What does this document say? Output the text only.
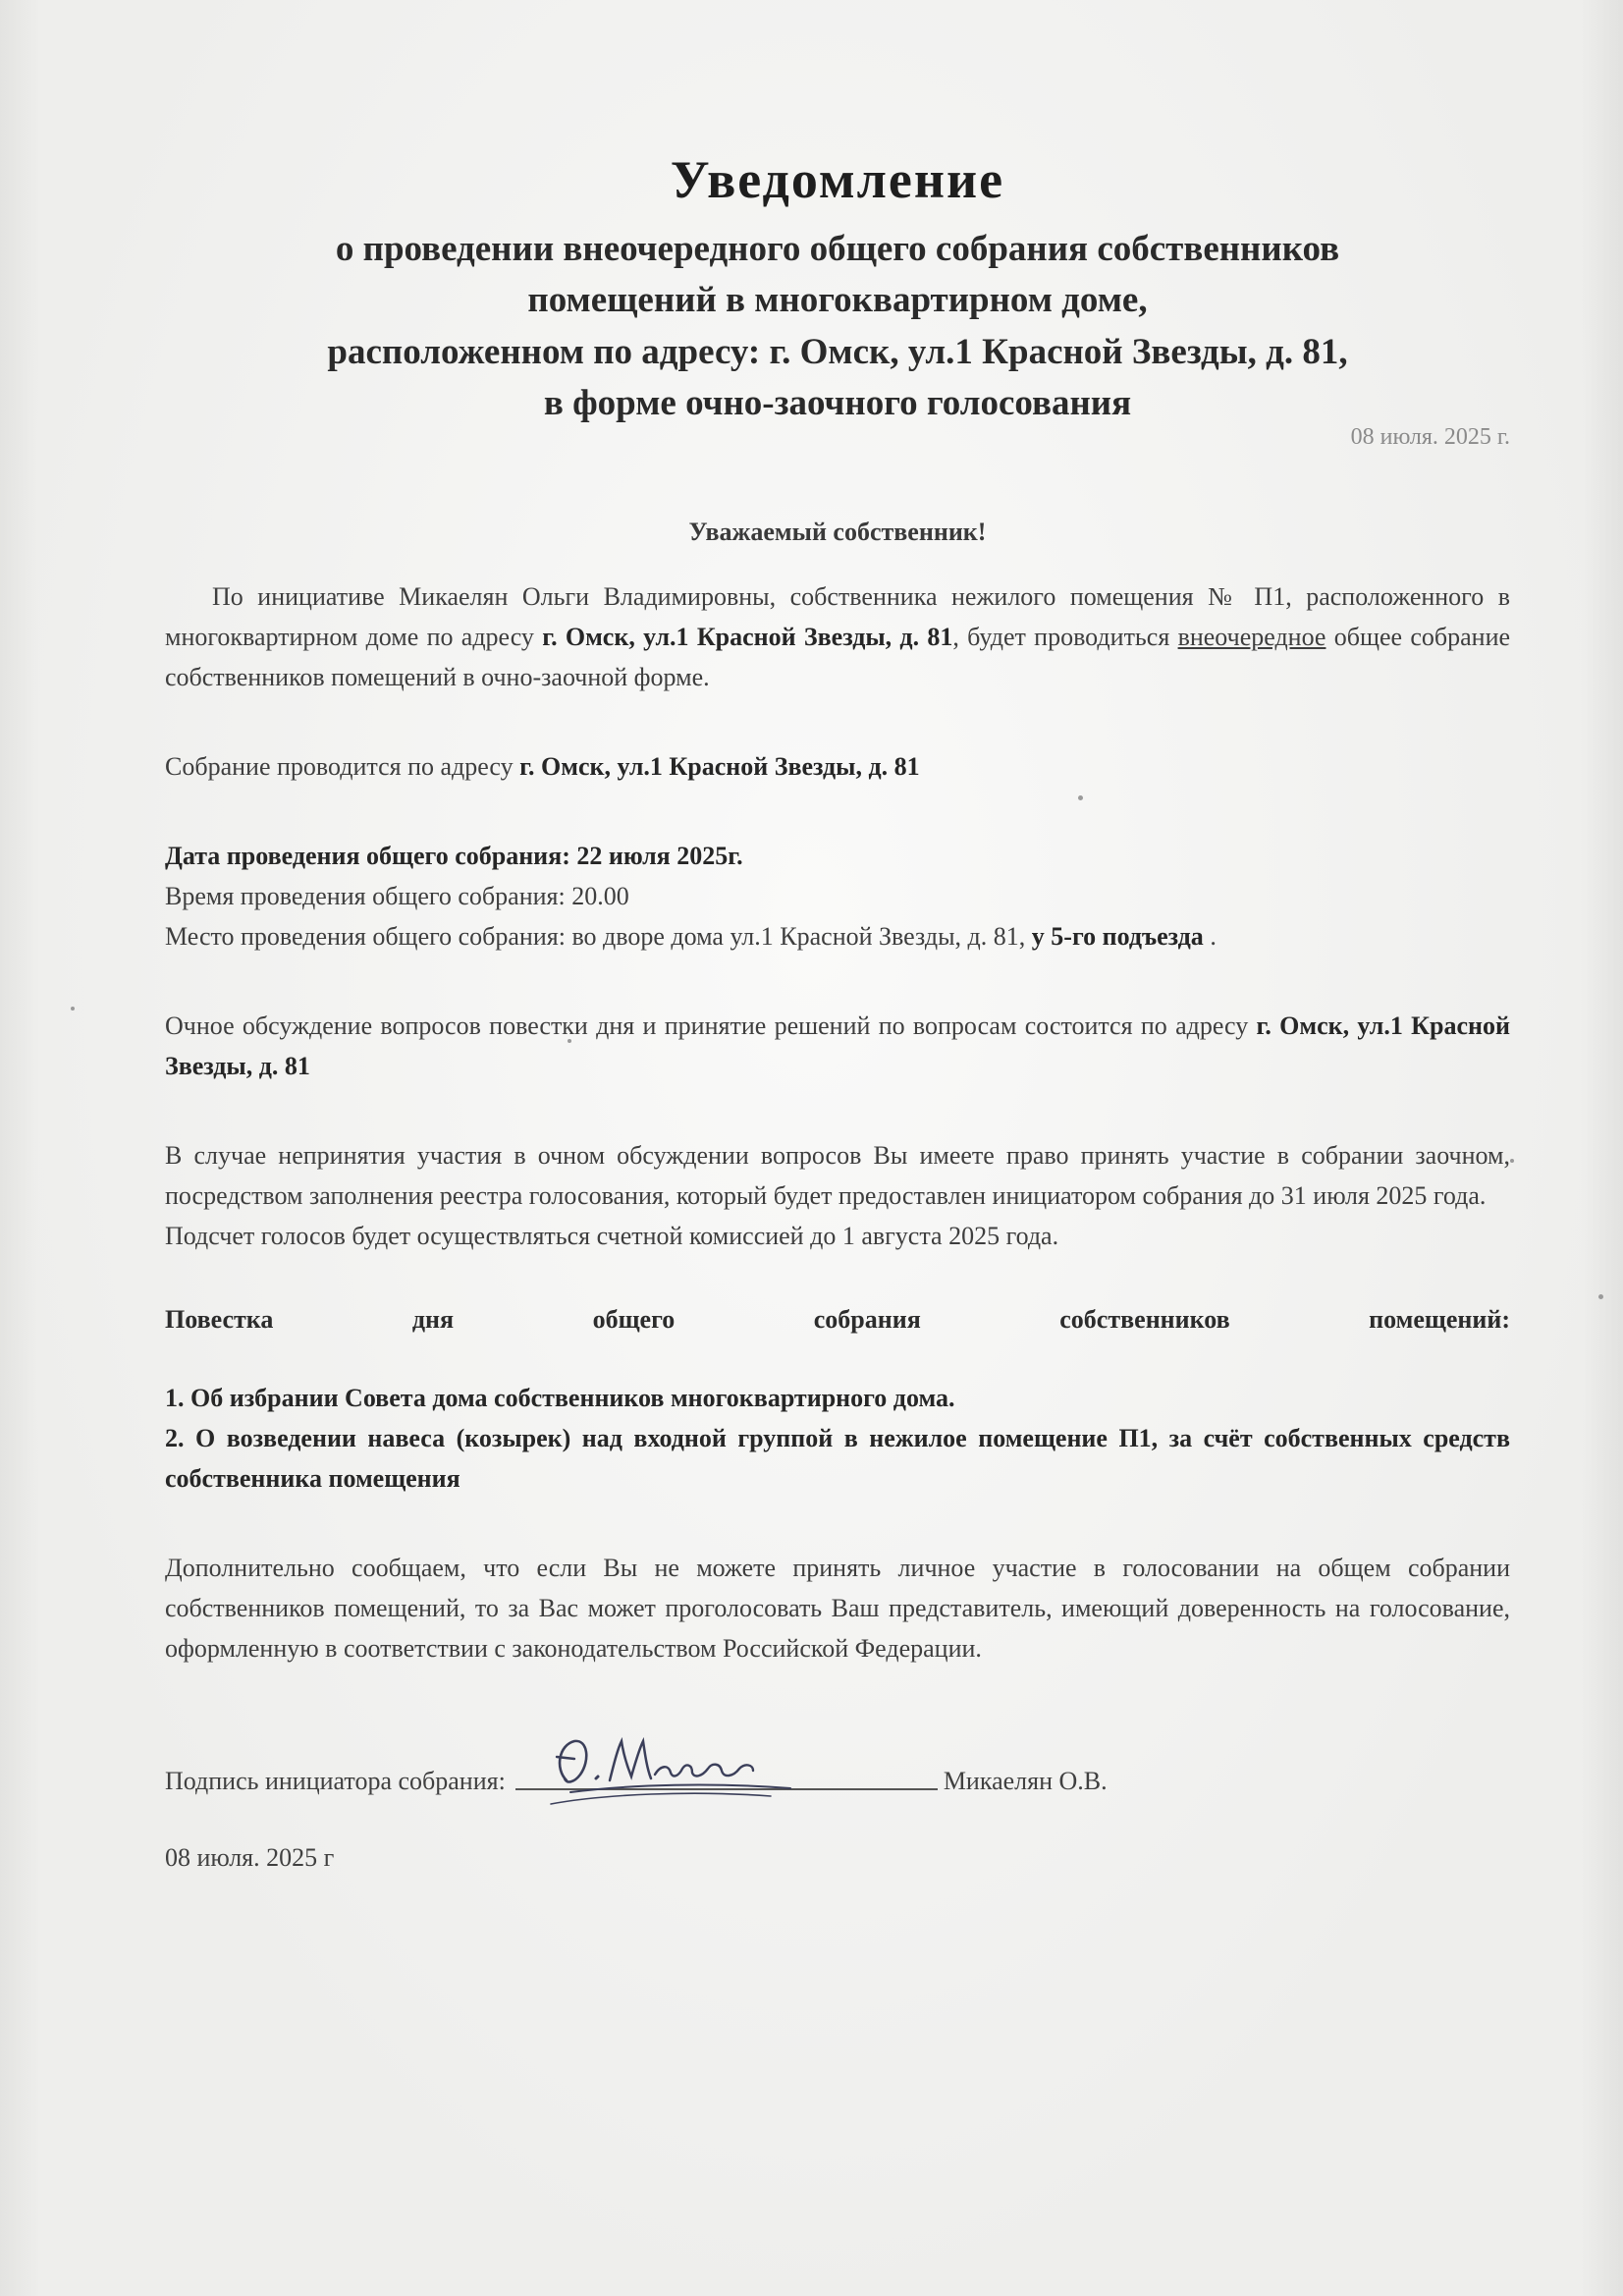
Уведомление

о проведении внеочередного общего собрания собственников

помещений в многоквартирном доме,

расположенном по адресу: г. Омск, ул.1 Красной Звезды, д. 81,

в форме очно-заочного голосования

08 июля. 2025 г.
Уважаемый собственник!

По инициативе Микаелян Ольги Владимировны, собственника нежилого помещения № П1, расположенного в многоквартирном доме по адресу г. Омск, ул.1 Красной Звезды, д. 81, будет проводиться внеочередное общее собрание собственников помещений в очно-заочной форме.

Собрание проводится по адресу г. Омск, ул.1 Красной Звезды, д. 81

Дата проведения общего собрания: 22 июля 2025г.

Время проведения общего собрания: 20.00

Место проведения общего собрания: во дворе дома ул.1 Красной Звезды, д. 81, у 5-го подъезда .

Очное обсуждение вопросов повестки дня и принятие решений по вопросам состоится по адресу г. Омск, ул.1 Красной Звезды, д. 81

В случае непринятия участия в очном обсуждении вопросов Вы имеете право принять участие в собрании заочном, посредством заполнения реестра голосования, который будет предоставлен инициатором собрания до 31 июля 2025 года.

Подсчет голосов будет осуществляться счетной комиссией до 1 августа 2025 года.

Повестка	дня	общего	собрания	собственников	помещений:

1. Об избрании Совета дома собственников многоквартирного дома.

2. О возведении навеса (козырек) над входной группой в нежилое помещение П1, за счёт собственных средств собственника помещения

Дополнительно сообщаем, что если Вы не можете принять личное участие в голосовании на общем собрании собственников помещений, то за Вас может проголосовать Ваш представитель, имеющий доверенность на голосование, оформленную в соответствии с законодательством Российской Федерации.

Подпись инициатора собрания:	Микаелян О.В.
08 июля. 2025 г
